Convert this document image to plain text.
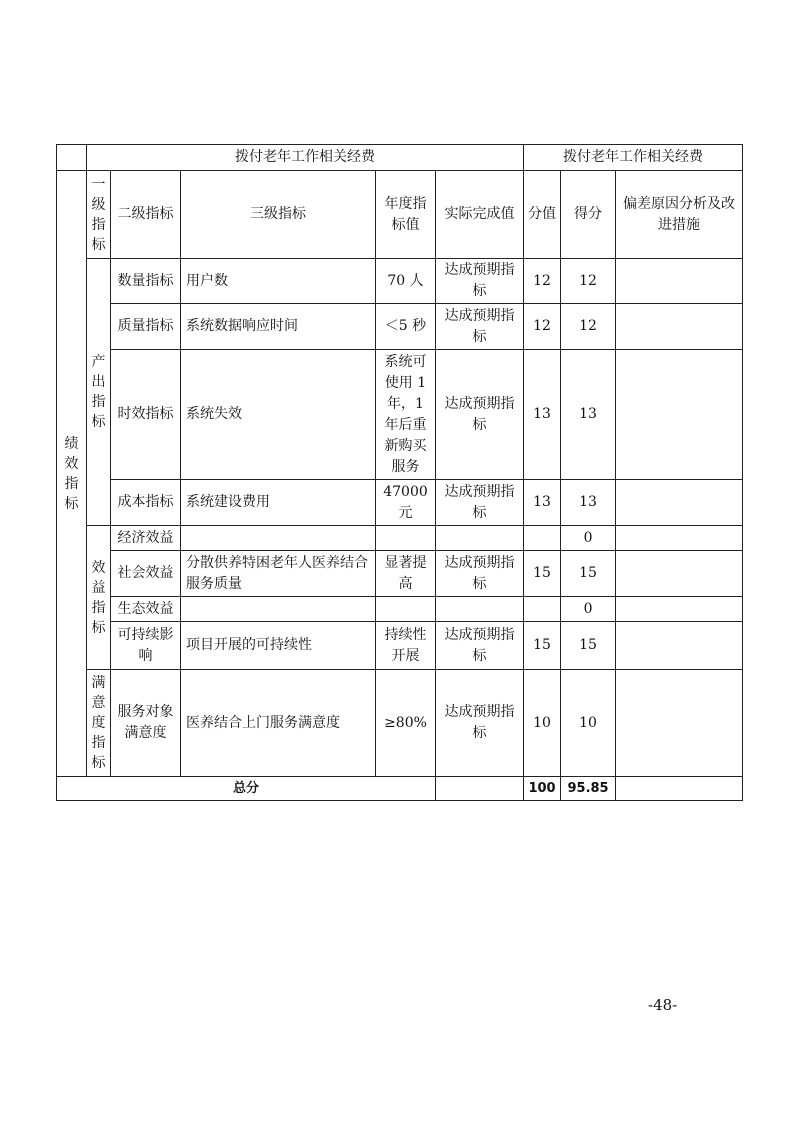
	拨付老年工作相关经费					拨付老年工作相关经费		

绩效指标	一级指标	二级指标	三级指标	年度指标值	实际完成值	分值	得分	偏差原因分析及改进措施

	产出指标	数量指标	用户数	70 人	达成预期指标	12	12	
		质量指标	系统数据响应时间	＜5 秒	达成预期指标	12	12	
		时效指标	系统失效	系统可使用 1 年，1 年后重新购买服务	达成预期指标	13	13	
		成本指标	系统建设费用	47000 元	达成预期指标	13	13	

	效益指标	经济效益					0	
		社会效益	分散供养特困老年人医养结合服务质量	显著提高	达成预期指标	15	15	
		生态效益					0	
		可持续影响	项目开展的可持续性	持续性开展	达成预期指标	15	15	

	满意度指标	服务对象满意度	医养结合上门服务满意度	≥80%	达成预期指标	10	10	
总分						100	95.85	
-48-
